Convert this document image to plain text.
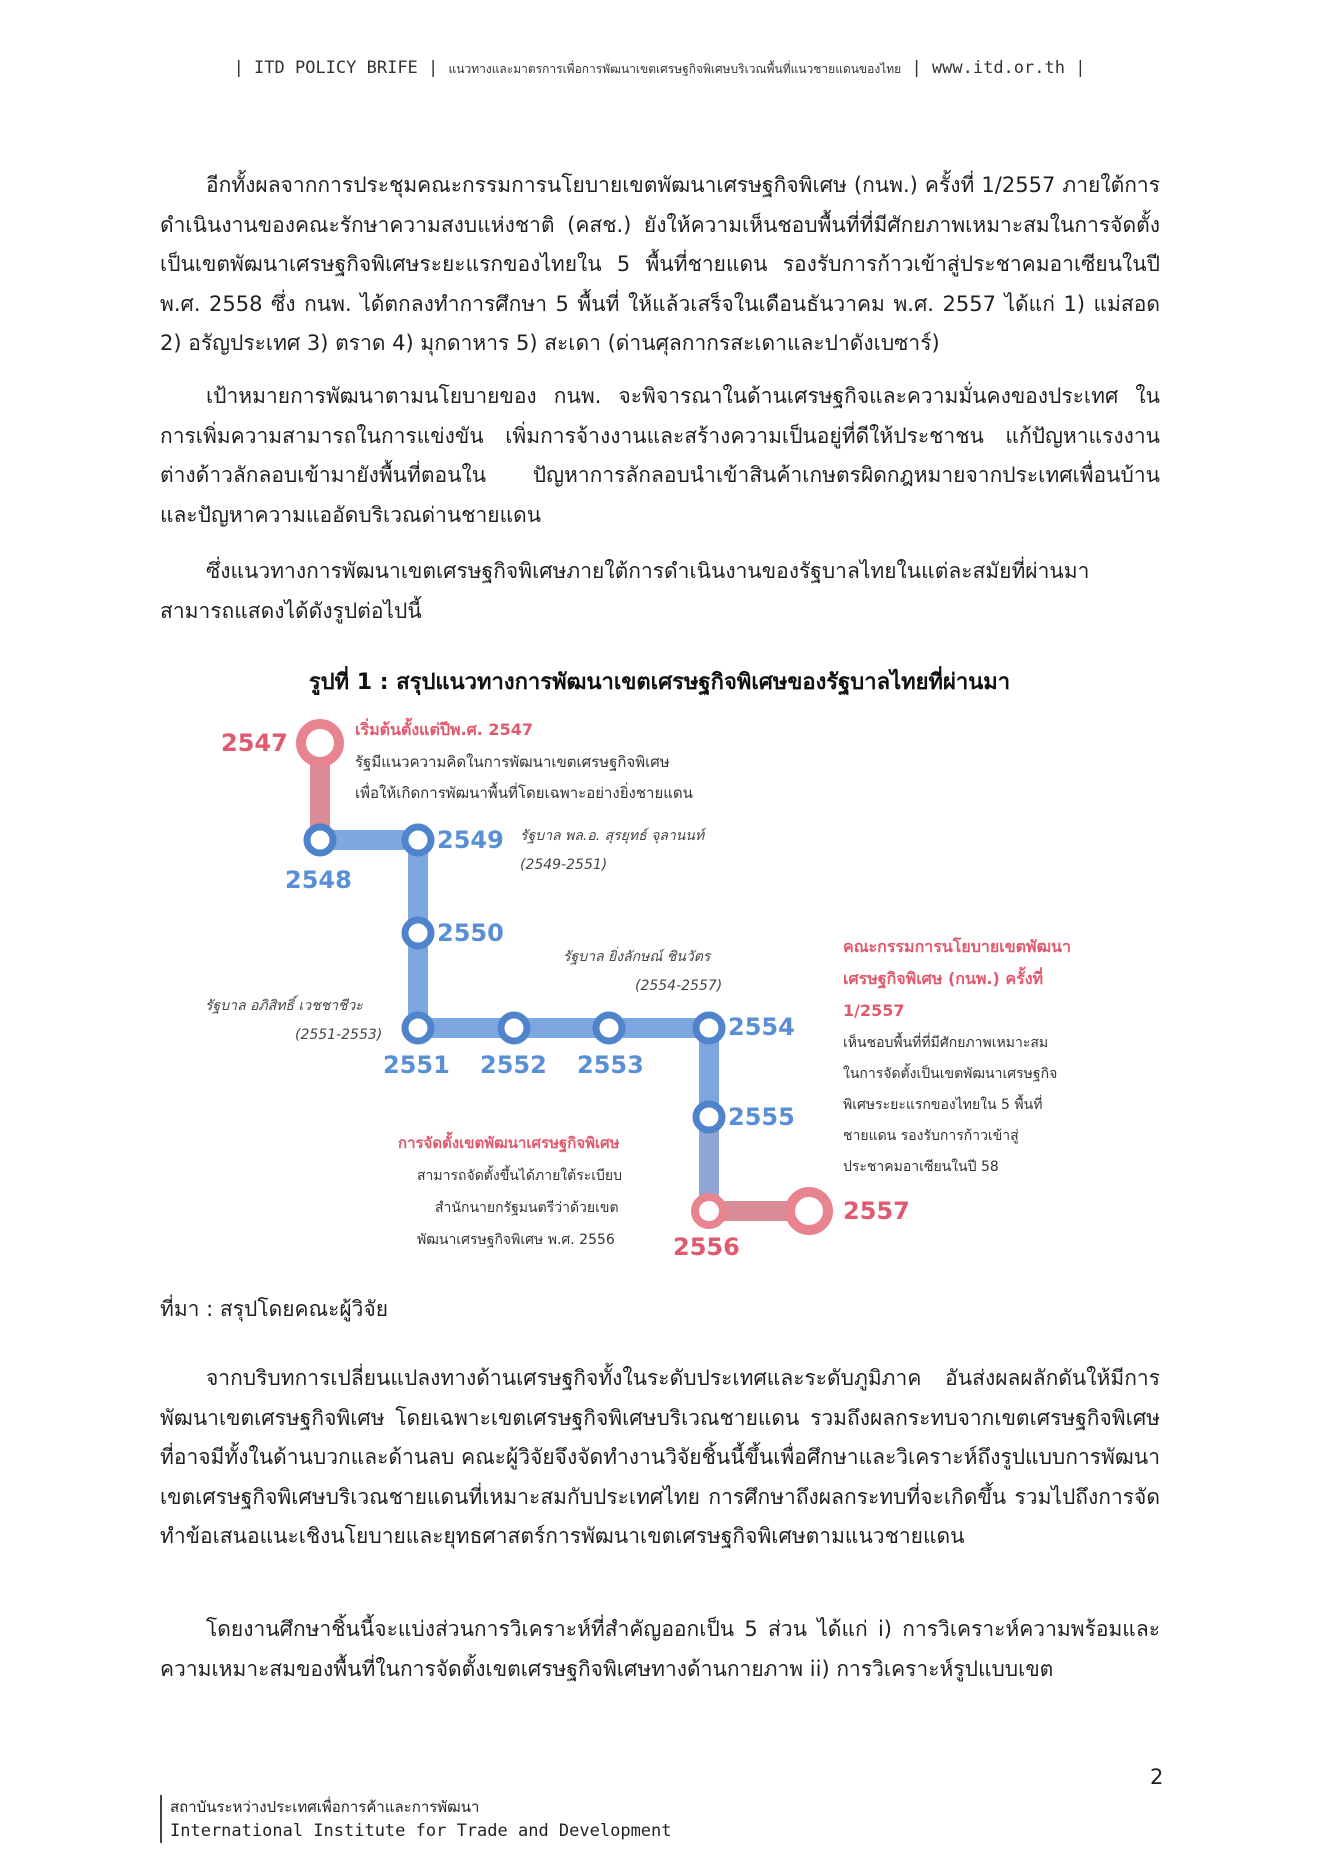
| ITD POLICY BRIFE | แนวทางและมาตรการเพื่อการพัฒนาเขตเศรษฐกิจพิเศษบริเวณพื้นที่แนวชายแดนของไทย | www.itd.or.th |

อีกทั้งผลจากการประชุมคณะกรรมการนโยบายเขตพัฒนาเศรษฐกิจพิเศษ (กนพ.) ครั้งที่ 1/2557 ภายใต้การดำเนินงานของคณะรักษาความสงบแห่งชาติ (คสช.) ยังให้ความเห็นชอบพื้นที่ที่มีศักยภาพเหมาะสมในการจัดตั้งเป็นเขตพัฒนาเศรษฐกิจพิเศษระยะแรกของไทยใน 5 พื้นที่ชายแดน รองรับการก้าวเข้าสู่ประชาคมอาเซียนในปี พ.ศ. 2558 ซึ่ง กนพ. ได้ตกลงทำการศึกษา 5 พื้นที่ ให้แล้วเสร็จในเดือนธันวาคม พ.ศ. 2557 ได้แก่ 1) แม่สอด 2) อรัญประเทศ 3) ตราด 4) มุกดาหาร 5) สะเดา (ด่านศุลกากรสะเดาและปาดังเบซาร์)

เป้าหมายการพัฒนาตามนโยบายของ กนพ. จะพิจารณาในด้านเศรษฐกิจและความมั่นคงของประเทศ ในการเพิ่มความสามารถในการแข่งขัน เพิ่มการจ้างงานและสร้างความเป็นอยู่ที่ดีให้ประชาชน แก้ปัญหาแรงงานต่างด้าวลักลอบเข้ามายังพื้นที่ตอนใน ปัญหาการลักลอบนำเข้าสินค้าเกษตรผิดกฎหมายจากประเทศเพื่อนบ้าน และปัญหาความแออัดบริเวณด่านชายแดน

ซึ่งแนวทางการพัฒนาเขตเศรษฐกิจพิเศษภายใต้การดำเนินงานของรัฐบาลไทยในแต่ละสมัยที่ผ่านมา สามารถแสดงได้ดังรูปต่อไปนี้

รูปที่ 1 : สรุปแนวทางการพัฒนาเขตเศรษฐกิจพิเศษของรัฐบาลไทยที่ผ่านมา
2547
2548
2549
2550
2551 2552 2553
2554
2555
2556
2557
เริ่มต้นตั้งแต่ปีพ.ศ. 2547
รัฐมีแนวความคิดในการพัฒนาเขตเศรษฐกิจพิเศษ
เพื่อให้เกิดการพัฒนาพื้นที่โดยเฉพาะอย่างยิ่งชายแดน
รัฐบาล พล.อ. สุรยุทธ์ จุลานนท์
(2549-2551)
รัฐบาล ยิ่งลักษณ์ ชินวัตร
(2554-2557)
รัฐบาล อภิสิทธิ์ เวชชาชีวะ
(2551-2553)
คณะกรรมการนโยบายเขตพัฒนา
เศรษฐกิจพิเศษ (กนพ.) ครั้งที่
1/2557
เห็นชอบพื้นที่ที่มีศักยภาพเหมาะสม
ในการจัดตั้งเป็นเขตพัฒนาเศรษฐกิจ
พิเศษระยะแรกของไทยใน 5 พื้นที่
ชายแดน รองรับการก้าวเข้าสู่
ประชาคมอาเซียนในปี 58
การจัดตั้งเขตพัฒนาเศรษฐกิจพิเศษ
สามารถจัดตั้งขึ้นได้ภายใต้ระเบียบ
สำนักนายกรัฐมนตรีว่าด้วยเขต
พัฒนาเศรษฐกิจพิเศษ พ.ศ. 2556
ที่มา : สรุปโดยคณะผู้วิจัย

จากบริบทการเปลี่ยนแปลงทางด้านเศรษฐกิจทั้งในระดับประเทศและระดับภูมิภาค อันส่งผลผลักดันให้มีการพัฒนาเขตเศรษฐกิจพิเศษ โดยเฉพาะเขตเศรษฐกิจพิเศษบริเวณชายแดน รวมถึงผลกระทบจากเขตเศรษฐกิจพิเศษที่อาจมีทั้งในด้านบวกและด้านลบ คณะผู้วิจัยจึงจัดทำงานวิจัยชิ้นนี้ขึ้นเพื่อศึกษาและวิเคราะห์ถึงรูปแบบการพัฒนาเขตเศรษฐกิจพิเศษบริเวณชายแดนที่เหมาะสมกับประเทศไทย การศึกษาถึงผลกระทบที่จะเกิดขึ้น รวมไปถึงการจัดทำข้อเสนอแนะเชิงนโยบายและยุทธศาสตร์การพัฒนาเขตเศรษฐกิจพิเศษตามแนวชายแดน

โดยงานศึกษาชิ้นนี้จะแบ่งส่วนการวิเคราะห์ที่สำคัญออกเป็น 5 ส่วน ได้แก่ i) การวิเคราะห์ความพร้อมและความเหมาะสมของพื้นที่ในการจัดตั้งเขตเศรษฐกิจพิเศษทางด้านกายภาพ ii) การวิเคราะห์รูปแบบเขต

2
สถาบันระหว่างประเทศเพื่อการค้าและการพัฒนา
International Institute for Trade and Development
